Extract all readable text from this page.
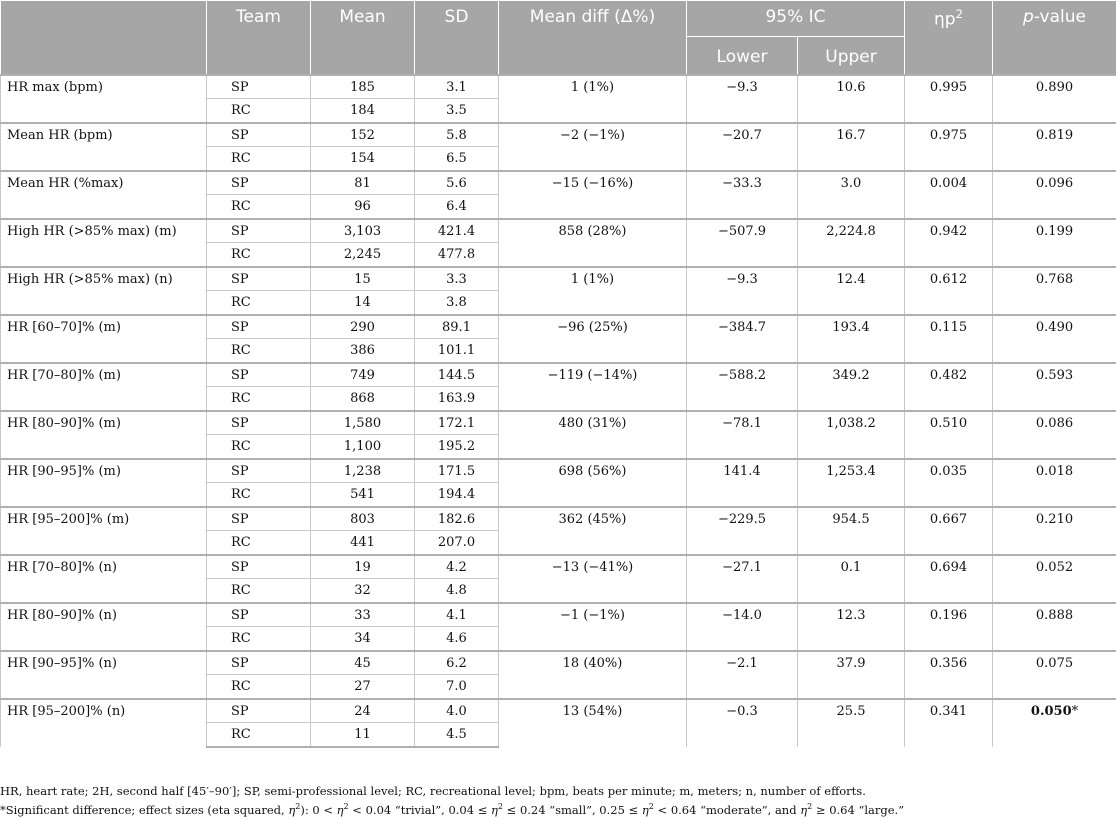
	Team	Mean	SD	Mean diff (Δ%)	95% IC		$\eta p^2$	p-value
					Lower	Upper		
HR max (bpm)	SP	185	3.1	1 (1%)	−9.3	10.6	0.995	0.890
	RC	184	3.5					
Mean HR (bpm)	SP	152	5.8	−2 (−1%)	−20.7	16.7	0.975	0.819
	RC	154	6.5					
Mean HR (%max)	SP	81	5.6	−15 (−16%)	−33.3	3.0	0.004	0.096
	RC	96	6.4					
High HR (>85% max) (m)	SP	3,103	421.4	858 (28%)	−507.9	2,224.8	0.942	0.199
	RC	2,245	477.8					
High HR (>85% max) (n)	SP	15	3.3	1 (1%)	−9.3	12.4	0.612	0.768
	RC	14	3.8					
HR [60–70]% (m)	SP	290	89.1	−96 (25%)	−384.7	193.4	0.115	0.490
	RC	386	101.1					
HR [70–80]% (m)	SP	749	144.5	−119 (−14%)	−588.2	349.2	0.482	0.593
	RC	868	163.9					
HR [80–90]% (m)	SP	1,580	172.1	480 (31%)	−78.1	1,038.2	0.510	0.086
	RC	1,100	195.2					
HR [90–95]% (m)	SP	1,238	171.5	698 (56%)	141.4	1,253.4	0.035	0.018
	RC	541	194.4					
HR [95–200]% (m)	SP	803	182.6	362 (45%)	−229.5	954.5	0.667	0.210
	RC	441	207.0					
HR [70–80]% (n)	SP	19	4.2	−13 (−41%)	−27.1	0.1	0.694	0.052
	RC	32	4.8					
HR [80–90]% (n)	SP	33	4.1	−1 (−1%)	−14.0	12.3	0.196	0.888
	RC	34	4.6					
HR [90–95]% (n)	SP	45	6.2	18 (40%)	−2.1	37.9	0.356	0.075
	RC	27	7.0					
HR [95–200]% (n)	SP	24	4.0	13 (54%)	−0.3	25.5	0.341	0.050*
	RC	11	4.5					
HR, heart rate; 2H, second half [45′–90′]; SP, semi-professional level; RC, recreational level; bpm, beats per minute; m, meters; n, number of efforts.
*Significant difference; effect sizes (eta squared, $\eta^2$): $0 < \eta^2 < 0.04$ “trivial”, $0.04 \le \eta^2 \le 0.24$ “small”, $0.25 \le \eta^2 < 0.64$ “moderate”, and $\eta^2 \ge 0.64$ “large.”
